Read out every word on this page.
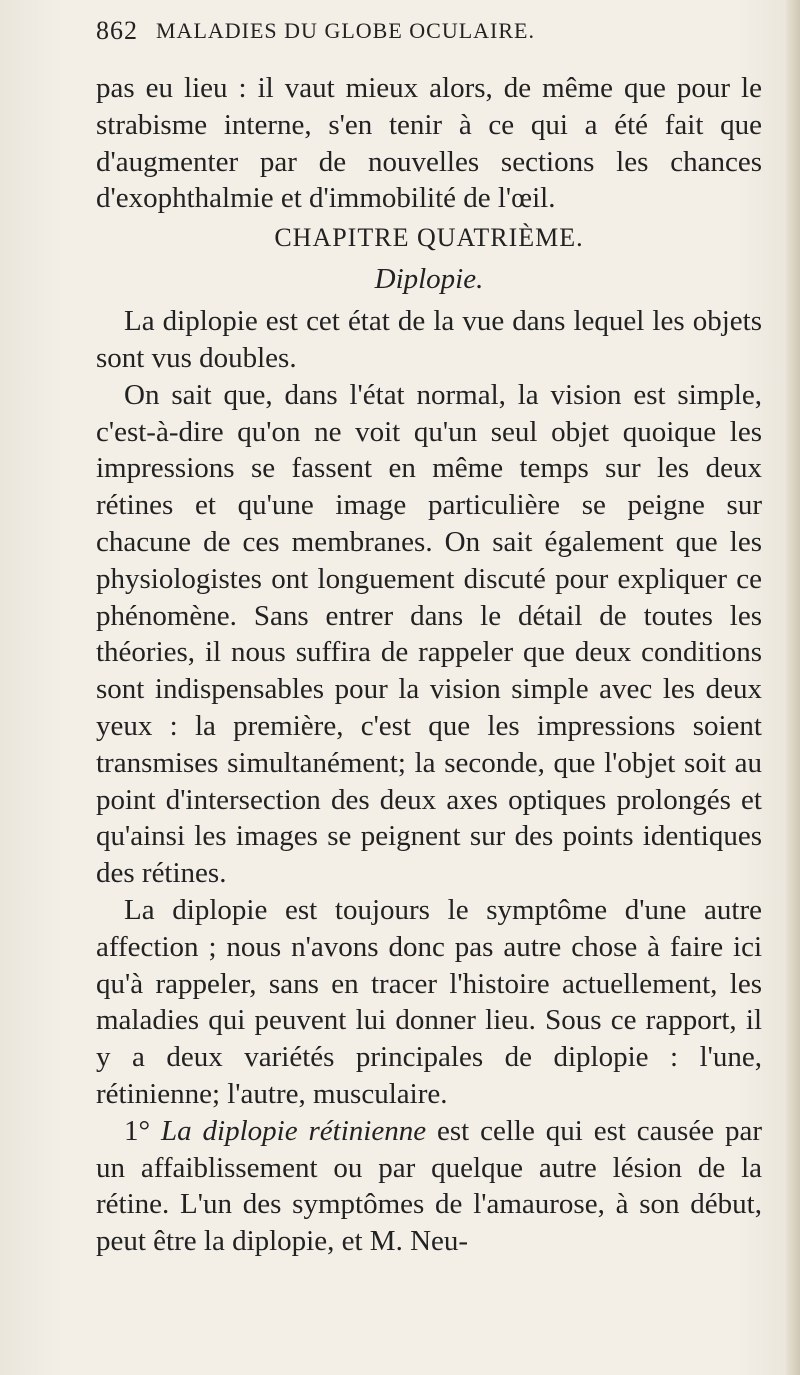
862 MALADIES DU GLOBE OCULAIRE.

pas eu lieu : il vaut mieux alors, de même que pour le strabisme interne, s'en tenir à ce qui a été fait que d'augmenter par de nouvelles sections les chances d'exophthalmie et d'immobilité de l'œil.

CHAPITRE QUATRIÈME.
Diplopie.

La diplopie est cet état de la vue dans lequel les objets sont vus doubles.

On sait que, dans l'état normal, la vision est simple, c'est-à-dire qu'on ne voit qu'un seul objet quoique les impressions se fassent en même temps sur les deux rétines et qu'une image particulière se peigne sur chacune de ces membranes. On sait également que les physiologistes ont longuement discuté pour expliquer ce phénomène. Sans entrer dans le détail de toutes les théories, il nous suffira de rappeler que deux conditions sont indispensables pour la vision simple avec les deux yeux : la première, c'est que les impressions soient transmises simultanément; la seconde, que l'objet soit au point d'intersection des deux axes optiques prolongés et qu'ainsi les images se peignent sur des points identiques des rétines.

La diplopie est toujours le symptôme d'une autre affection ; nous n'avons donc pas autre chose à faire ici qu'à rappeler, sans en tracer l'histoire actuellement, les maladies qui peuvent lui donner lieu. Sous ce rapport, il y a deux variétés principales de diplopie : l'une, rétinienne; l'autre, musculaire.

1° La diplopie rétinienne est celle qui est causée par un affaiblissement ou par quelque autre lésion de la rétine. L'un des symptômes de l'amaurose, à son début, peut être la diplopie, et M. Neu-
